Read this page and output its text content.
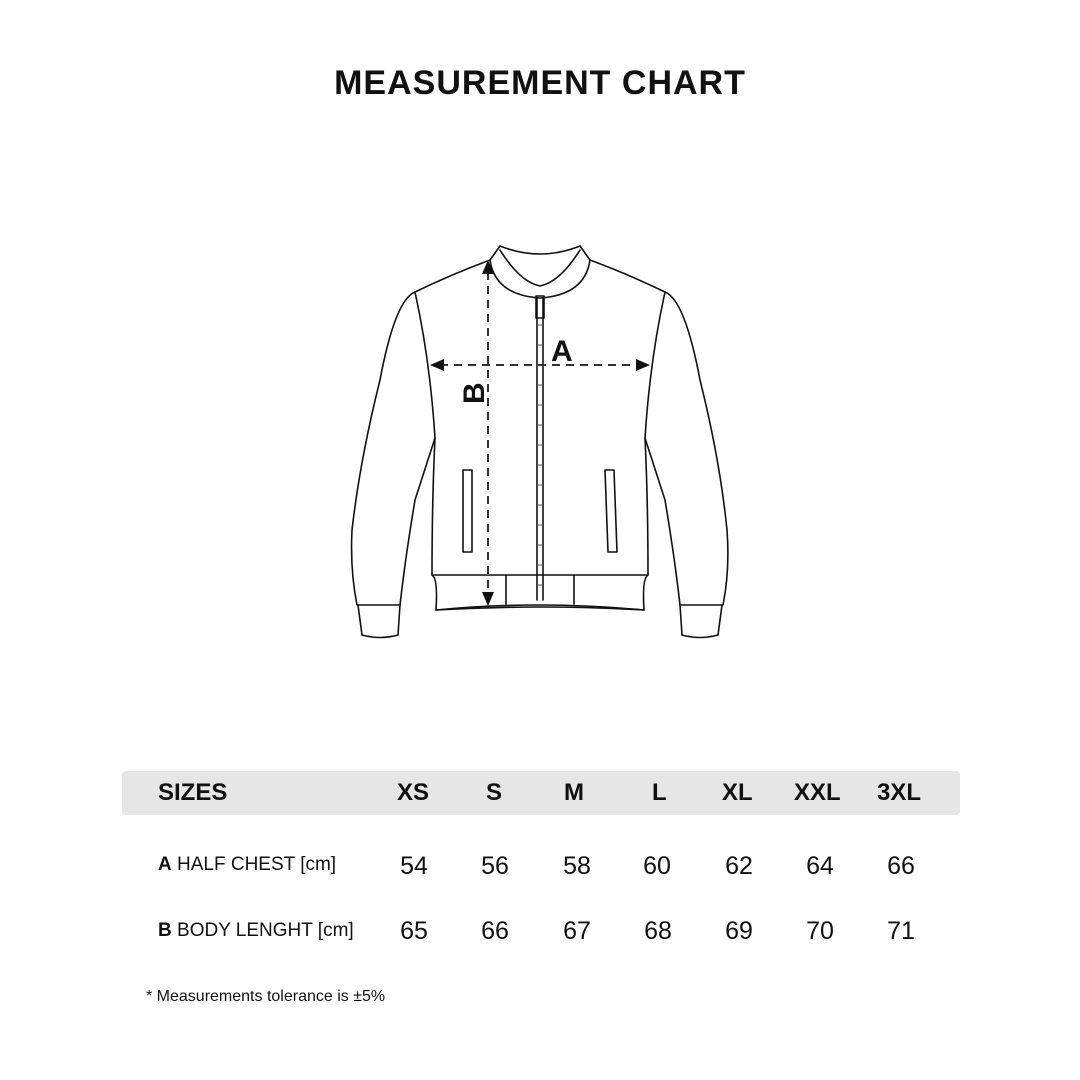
MEASUREMENT CHART
A
B
SIZES	XS S	M	L XL XXL 3XL
A HALF CHEST [cm]	54	56	58	60	62	64	66
B BODY LENGHT [cm]	65	66	67	68	69	70	71
* Measurements tolerance is ±5%
